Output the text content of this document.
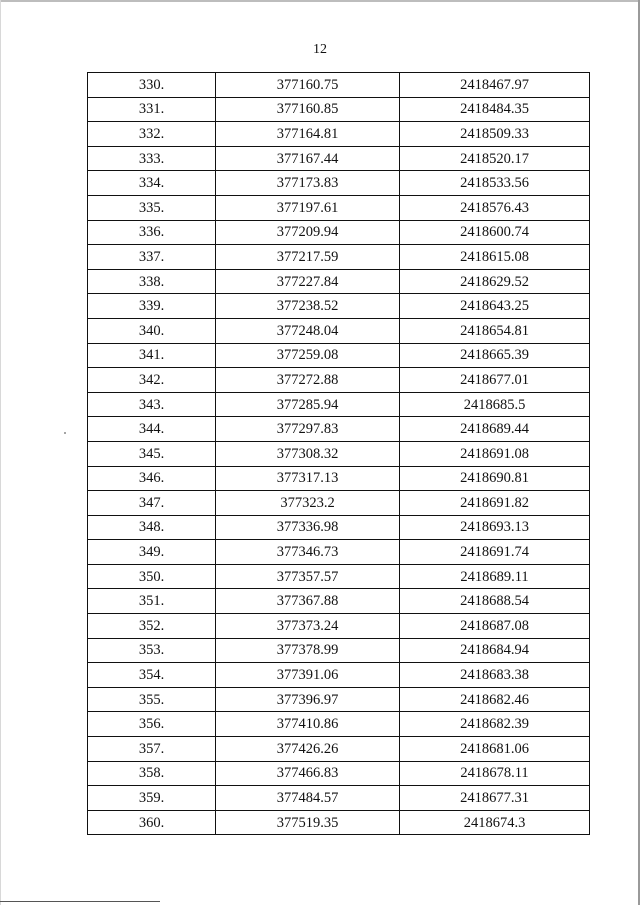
12
330.	377160.75	2418467.97
331.	377160.85	2418484.35
332.	377164.81	2418509.33
333.	377167.44	2418520.17
334.	377173.83	2418533.56
335.	377197.61	2418576.43
336.	377209.94	2418600.74
337.	377217.59	2418615.08
338.	377227.84	2418629.52
339.	377238.52	2418643.25
340.	377248.04	2418654.81
341.	377259.08	2418665.39
342.	377272.88	2418677.01
343.	377285.94	2418685.5
344.	377297.83	2418689.44
345.	377308.32	2418691.08
346.	377317.13	2418690.81
347.	377323.2	2418691.82
348.	377336.98	2418693.13
349.	377346.73	2418691.74
350.	377357.57	2418689.11
351.	377367.88	2418688.54
352.	377373.24	2418687.08
353.	377378.99	2418684.94
354.	377391.06	2418683.38
355.	377396.97	2418682.46
356.	377410.86	2418682.39
357.	377426.26	2418681.06
358.	377466.83	2418678.11
359.	377484.57	2418677.31
360.	377519.35	2418674.3
